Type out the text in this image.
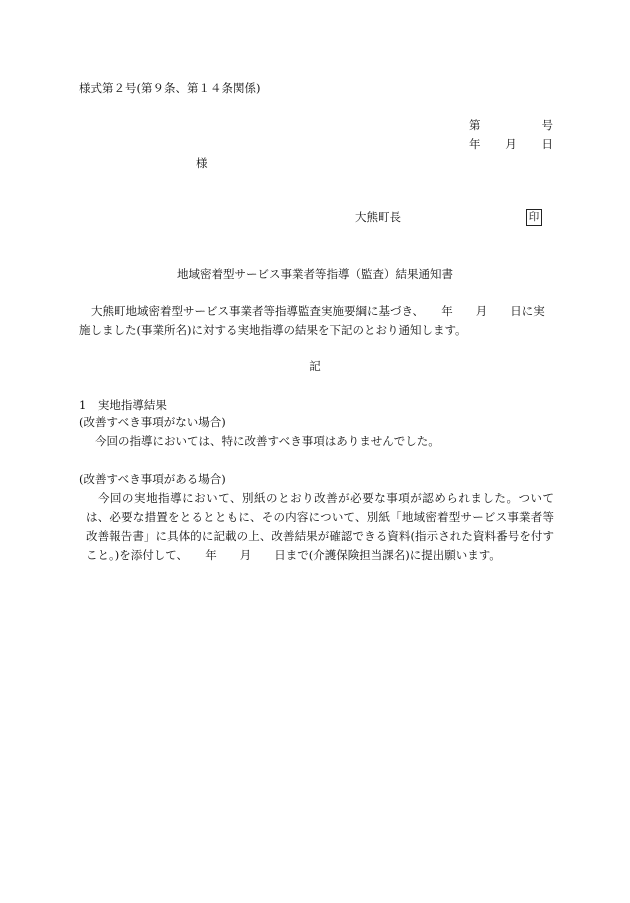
様式第２号(第９条、第１４条関係)
第	号
年 月 日
様
大熊町長	印
地域密着型サービス事業者等指導（監査）結果通知書
大熊町地域密着型サービス事業者等指導監査実施要綱に基づき、　　年　　月　　日に実施しました(事業所名)に対する実地指導の結果を下記のとおり通知します。
記
1　実地指導結果
(改善すべき事項がない場合)
今回の指導においては、特に改善すべき事項はありませんでした。
(改善すべき事項がある場合)
今回の実地指導において、別紙のとおり改善が必要な事項が認められました。ついては、必要な措置をとるとともに、その内容について、別紙「地域密着型サービス事業者等改善報告書」に具体的に記載の上、改善結果が確認できる資料(指示された資料番号を付すこと。)を添付して、　　年　　月　　日まで(介護保険担当課名)に提出願います。
